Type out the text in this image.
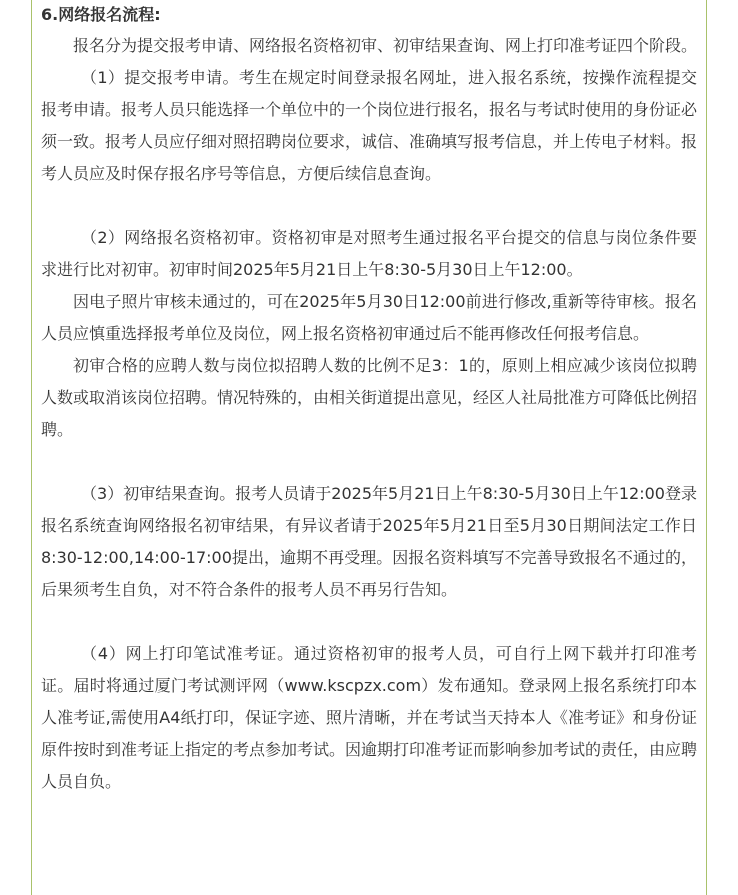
6.网络报名流程:

报名分为提交报考申请、网络报名资格初审、初审结果查询、网上打印准考证四个阶段。

（1）提交报考申请。考生在规定时间登录报名网址，进入报名系统，按操作流程提交报考申请。报考人员只能选择一个单位中的一个岗位进行报名，报名与考试时使用的身份证必须一致。报考人员应仔细对照招聘岗位要求，诚信、准确填写报考信息，并上传电子材料。报考人员应及时保存报名序号等信息，方便后续信息查询。

（2）网络报名资格初审。资格初审是对照考生通过报名平台提交的信息与岗位条件要求进行比对初审。初审时间2025年5月21日上午8:30-5月30日上午12:00。

因电子照片审核未通过的，可在2025年5月30日12:00前进行修改,重新等待审核。报名人员应慎重选择报考单位及岗位，网上报名资格初审通过后不能再修改任何报考信息。

初审合格的应聘人数与岗位拟招聘人数的比例不足3：1的，原则上相应减少该岗位拟聘人数或取消该岗位招聘。情况特殊的，由相关街道提出意见，经区人社局批准方可降低比例招聘。

（3）初审结果查询。报考人员请于2025年5月21日上午8:30-5月30日上午12:00登录报名系统查询网络报名初审结果，有异议者请于2025年5月21日至5月30日期间法定工作日8:30-12:00,14:00-17:00提出，逾期不再受理。因报名资料填写不完善导致报名不通过的，后果须考生自负，对不符合条件的报考人员不再另行告知。

（4）网上打印笔试准考证。通过资格初审的报考人员，可自行上网下载并打印准考证。届时将通过厦门考试测评网（www.kscpzx.com）发布通知。登录网上报名系统打印本人准考证,需使用A4纸打印，保证字迹、照片清晰，并在考试当天持本人《准考证》和身份证原件按时到准考证上指定的考点参加考试。因逾期打印准考证而影响参加考试的责任，由应聘人员自负。
